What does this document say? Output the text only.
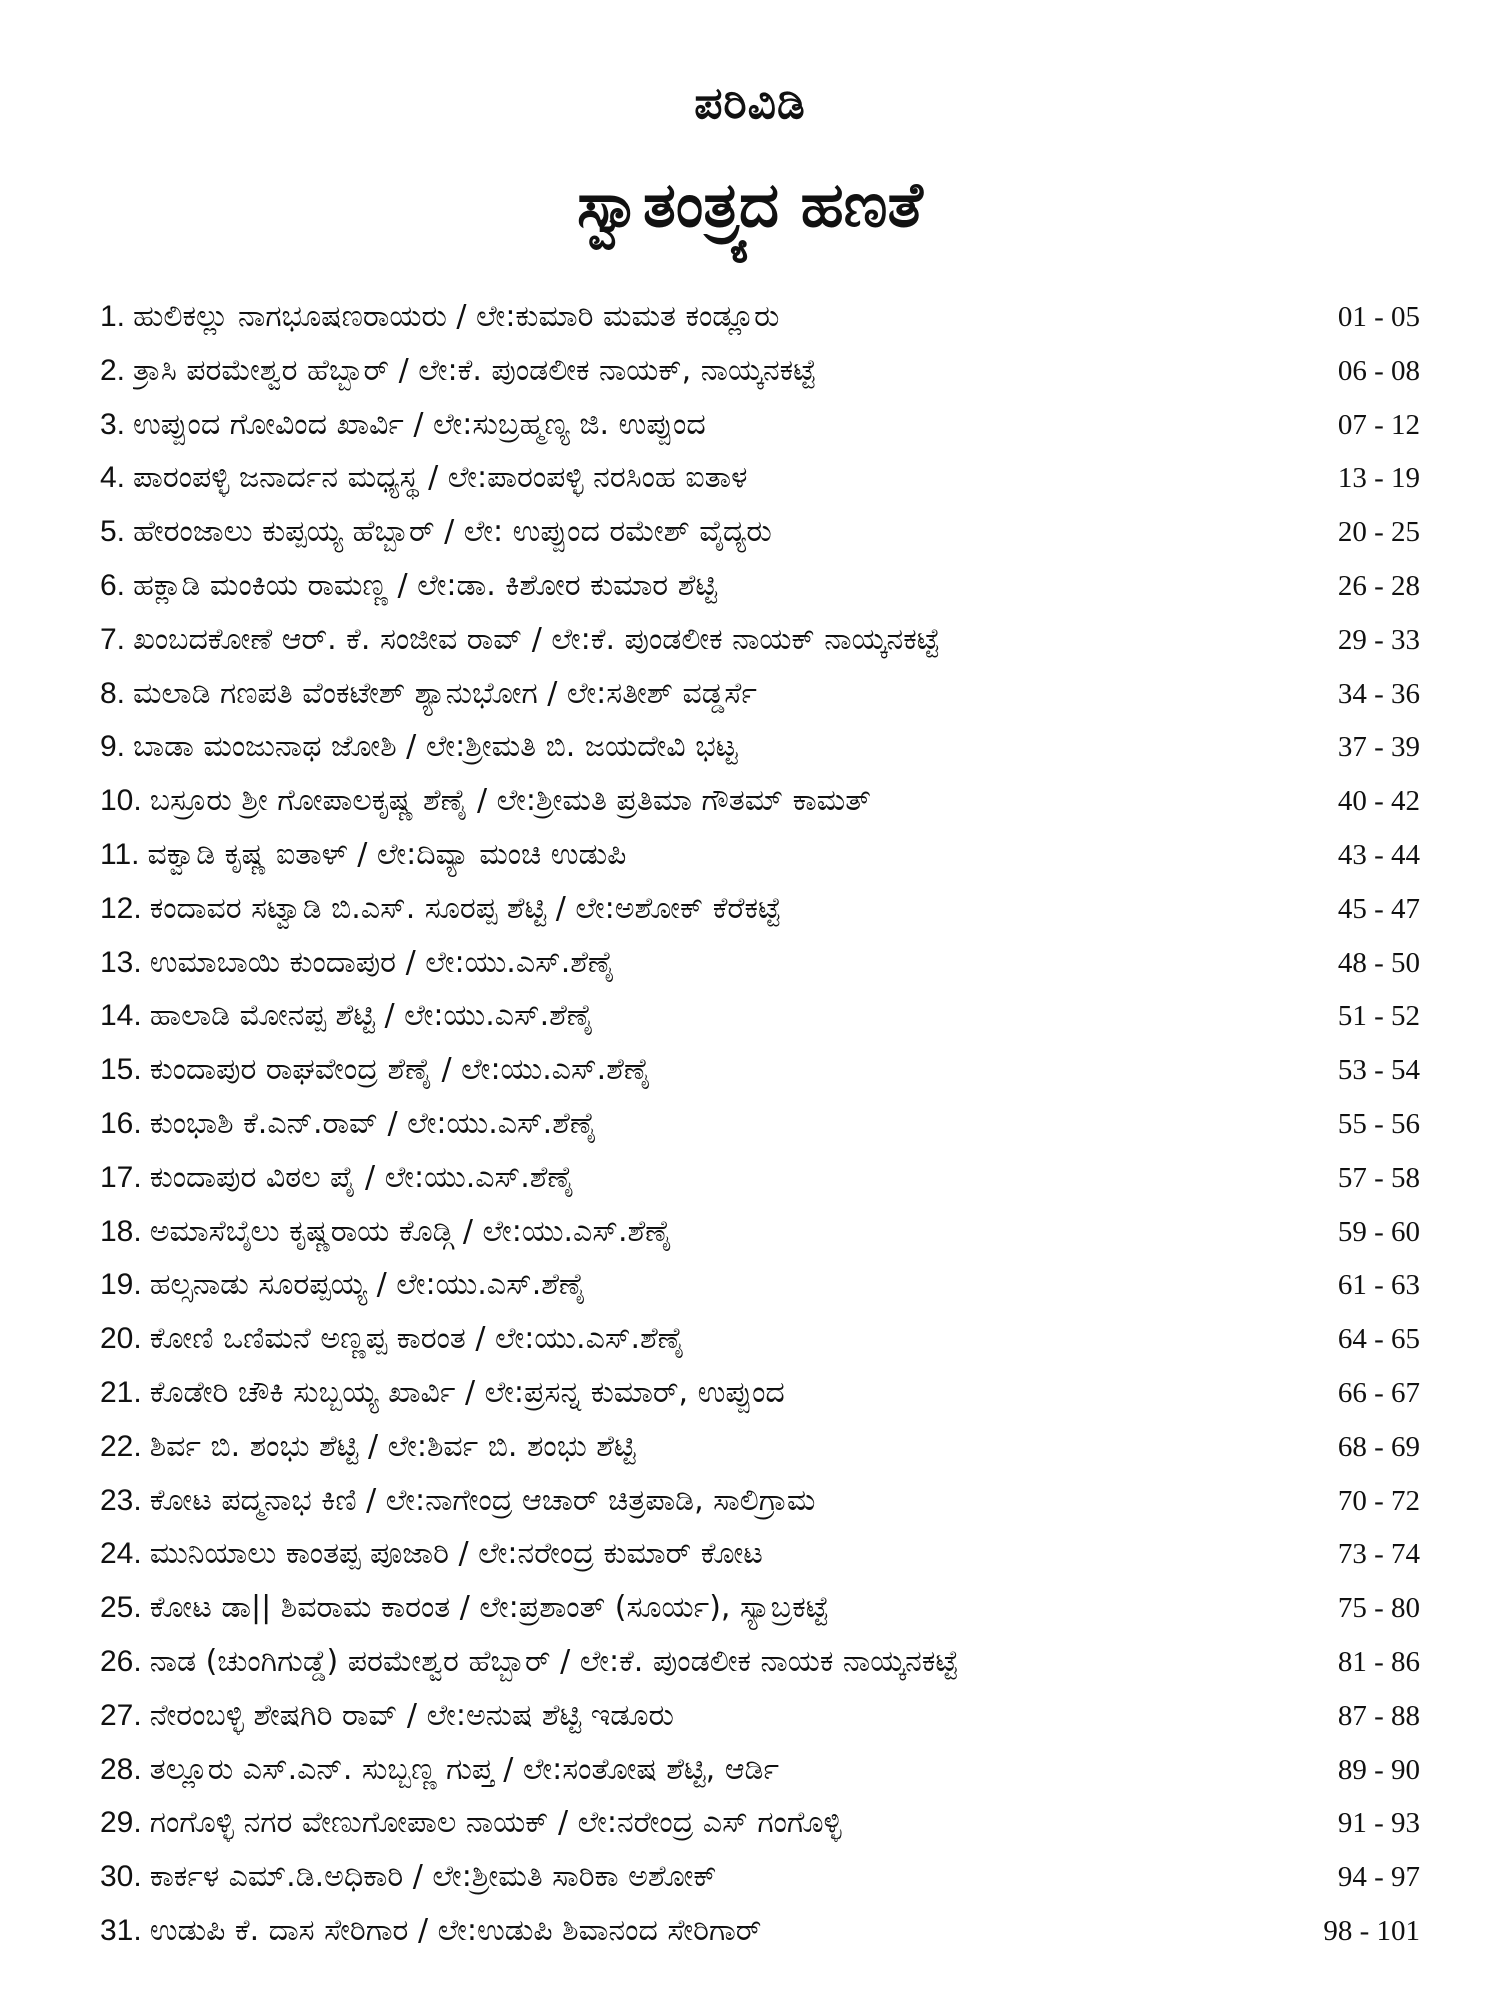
ಪರಿವಿಡಿ
ಸ್ವಾತಂತ್ರ್ಯದ ಹಣತೆ
1. ಹುಲಿಕಲ್ಲು ನಾಗಭೂಷಣರಾಯರು / ಲೇ:ಕುಮಾರಿ ಮಮತ ಕಂಡ್ಲೂರು	01 - 05
2. ತ್ರಾಸಿ ಪರಮೇಶ್ವರ ಹೆಬ್ಬಾರ್ / ಲೇ:ಕೆ. ಪುಂಡಲೀಕ ನಾಯಕ್, ನಾಯ್ಕನಕಟ್ಟೆ	06 - 08
3. ಉಪ್ಪುಂದ ಗೋವಿಂದ ಖಾರ್ವಿ / ಲೇ:ಸುಬ್ರಹ್ಮಣ್ಯ ಜಿ. ಉಪ್ಪುಂದ	07 - 12
4. ಪಾರಂಪಳ್ಳಿ ಜನಾರ್ದನ ಮಧ್ಯಸ್ಥ / ಲೇ:ಪಾರಂಪಳ್ಳಿ ನರಸಿಂಹ ಐತಾಳ	13 - 19
5. ಹೇರಂಜಾಲು ಕುಪ್ಪಯ್ಯ ಹೆಬ್ಬಾರ್ / ಲೇ: ಉಪ್ಪುಂದ ರಮೇಶ್ ವೈದ್ಯರು	20 - 25
6. ಹಕ್ಲಾಡಿ ಮಂಕಿಯ ರಾಮಣ್ಣ / ಲೇ:ಡಾ. ಕಿಶೋರ ಕುಮಾರ ಶೆಟ್ಟಿ	26 - 28
7. ಖಂಬದಕೋಣೆ ಆರ್. ಕೆ. ಸಂಜೀವ ರಾವ್ / ಲೇ:ಕೆ. ಪುಂಡಲೀಕ ನಾಯಕ್ ನಾಯ್ಕನಕಟ್ಟೆ	29 - 33
8. ಮಲಾಡಿ ಗಣಪತಿ ವೆಂಕಟೇಶ್ ಶ್ಯಾನುಭೋಗ / ಲೇ:ಸತೀಶ್ ವಡ್ಡರ್ಸೆ	34 - 36
9. ಬಾಡಾ ಮಂಜುನಾಥ ಜೋಶಿ / ಲೇ:ಶ್ರೀಮತಿ ಬಿ. ಜಯದೇವಿ ಭಟ್ಟ	37 - 39
10. ಬಸ್ರೂರು ಶ್ರೀ ಗೋಪಾಲಕೃಷ್ಣ ಶೆಣೈ / ಲೇ:ಶ್ರೀಮತಿ ಪ್ರತಿಮಾ ಗೌತಮ್ ಕಾಮತ್	40 - 42
11. ವಕ್ವಾಡಿ ಕೃಷ್ಣ ಐತಾಳ್ / ಲೇ:ದಿವ್ಯಾ ಮಂಚಿ ಉಡುಪಿ	43 - 44
12. ಕಂದಾವರ ಸಟ್ವಾಡಿ ಬಿ.ಎಸ್. ಸೂರಪ್ಪ ಶೆಟ್ಟಿ / ಲೇ:ಅಶೋಕ್ ಕೆರೆಕಟ್ಟೆ	45 - 47
13. ಉಮಾಬಾಯಿ ಕುಂದಾಪುರ / ಲೇ:ಯು.ಎಸ್.ಶೆಣೈ	48 - 50
14. ಹಾಲಾಡಿ ಮೋನಪ್ಪ ಶೆಟ್ಟಿ / ಲೇ:ಯು.ಎಸ್.ಶೆಣೈ	51 - 52
15. ಕುಂದಾಪುರ ರಾಘವೇಂದ್ರ ಶೆಣೈ / ಲೇ:ಯು.ಎಸ್.ಶೆಣೈ	53 - 54
16. ಕುಂಭಾಶಿ ಕೆ.ಎನ್.ರಾವ್ / ಲೇ:ಯು.ಎಸ್.ಶೆಣೈ	55 - 56
17. ಕುಂದಾಪುರ ವಿಠಲ ಪೈ / ಲೇ:ಯು.ಎಸ್.ಶೆಣೈ	57 - 58
18. ಅಮಾಸೆಬೈಲು ಕೃಷ್ಣರಾಯ ಕೊಡ್ಗಿ / ಲೇ:ಯು.ಎಸ್.ಶೆಣೈ	59 - 60
19. ಹಲ್ಸನಾಡು ಸೂರಪ್ಪಯ್ಯ / ಲೇ:ಯು.ಎಸ್.ಶೆಣೈ	61 - 63
20. ಕೋಣಿ ಒಣಿಮನೆ ಅಣ್ಣಪ್ಪ ಕಾರಂತ / ಲೇ:ಯು.ಎಸ್.ಶೆಣೈ	64 - 65
21. ಕೊಡೇರಿ ಚೌಕಿ ಸುಬ್ಬಯ್ಯ ಖಾರ್ವಿ / ಲೇ:ಪ್ರಸನ್ನ ಕುಮಾರ್, ಉಪ್ಪುಂದ	66 - 67
22. ಶಿರ್ವ ಬಿ. ಶಂಭು ಶೆಟ್ಟಿ / ಲೇ:ಶಿರ್ವ ಬಿ. ಶಂಭು ಶೆಟ್ಟಿ	68 - 69
23. ಕೋಟ ಪದ್ಮನಾಭ ಕಿಣಿ / ಲೇ:ನಾಗೇಂದ್ರ ಆಚಾರ್ ಚಿತ್ರಪಾಡಿ, ಸಾಲಿಗ್ರಾಮ	70 - 72
24. ಮುನಿಯಾಲು ಕಾಂತಪ್ಪ ಪೂಜಾರಿ / ಲೇ:ನರೇಂದ್ರ ಕುಮಾರ್ ಕೋಟ	73 - 74
25. ಕೋಟ ಡಾ|| ಶಿವರಾಮ ಕಾರಂತ / ಲೇ:ಪ್ರಶಾಂತ್ (ಸೂರ್ಯ), ಸ್ಯಾಬ್ರಕಟ್ಟೆ	75 - 80
26. ನಾಡ (ಚುಂಗಿಗುಡ್ಡೆ) ಪರಮೇಶ್ವರ ಹೆಬ್ಬಾರ್ / ಲೇ:ಕೆ. ಪುಂಡಲೀಕ ನಾಯಕ ನಾಯ್ಕನಕಟ್ಟೆ	81 - 86
27. ನೇರಂಬಳ್ಳಿ ಶೇಷಗಿರಿ ರಾವ್ / ಲೇ:ಅನುಷ ಶೆಟ್ಟಿ ಇಡೂರು	87 - 88
28. ತಲ್ಲೂರು ಎಸ್.ಎನ್. ಸುಬ್ಬಣ್ಣ ಗುಪ್ತ / ಲೇ:ಸಂತೋಷ ಶೆಟ್ಟಿ, ಆರ್ಡಿ	89 - 90
29. ಗಂಗೊಳ್ಳಿ ನಗರ ವೇಣುಗೋಪಾಲ ನಾಯಕ್ / ಲೇ:ನರೇಂದ್ರ ಎಸ್ ಗಂಗೊಳ್ಳಿ	91 - 93
30. ಕಾರ್ಕಳ ಎಮ್.ಡಿ.ಅಧಿಕಾರಿ / ಲೇ:ಶ್ರೀಮತಿ ಸಾರಿಕಾ ಅಶೋಕ್	94 - 97
31. ಉಡುಪಿ ಕೆ. ದಾಸ ಸೇರಿಗಾರ / ಲೇ:ಉಡುಪಿ ಶಿವಾನಂದ ಸೇರಿಗಾರ್	98 - 101
